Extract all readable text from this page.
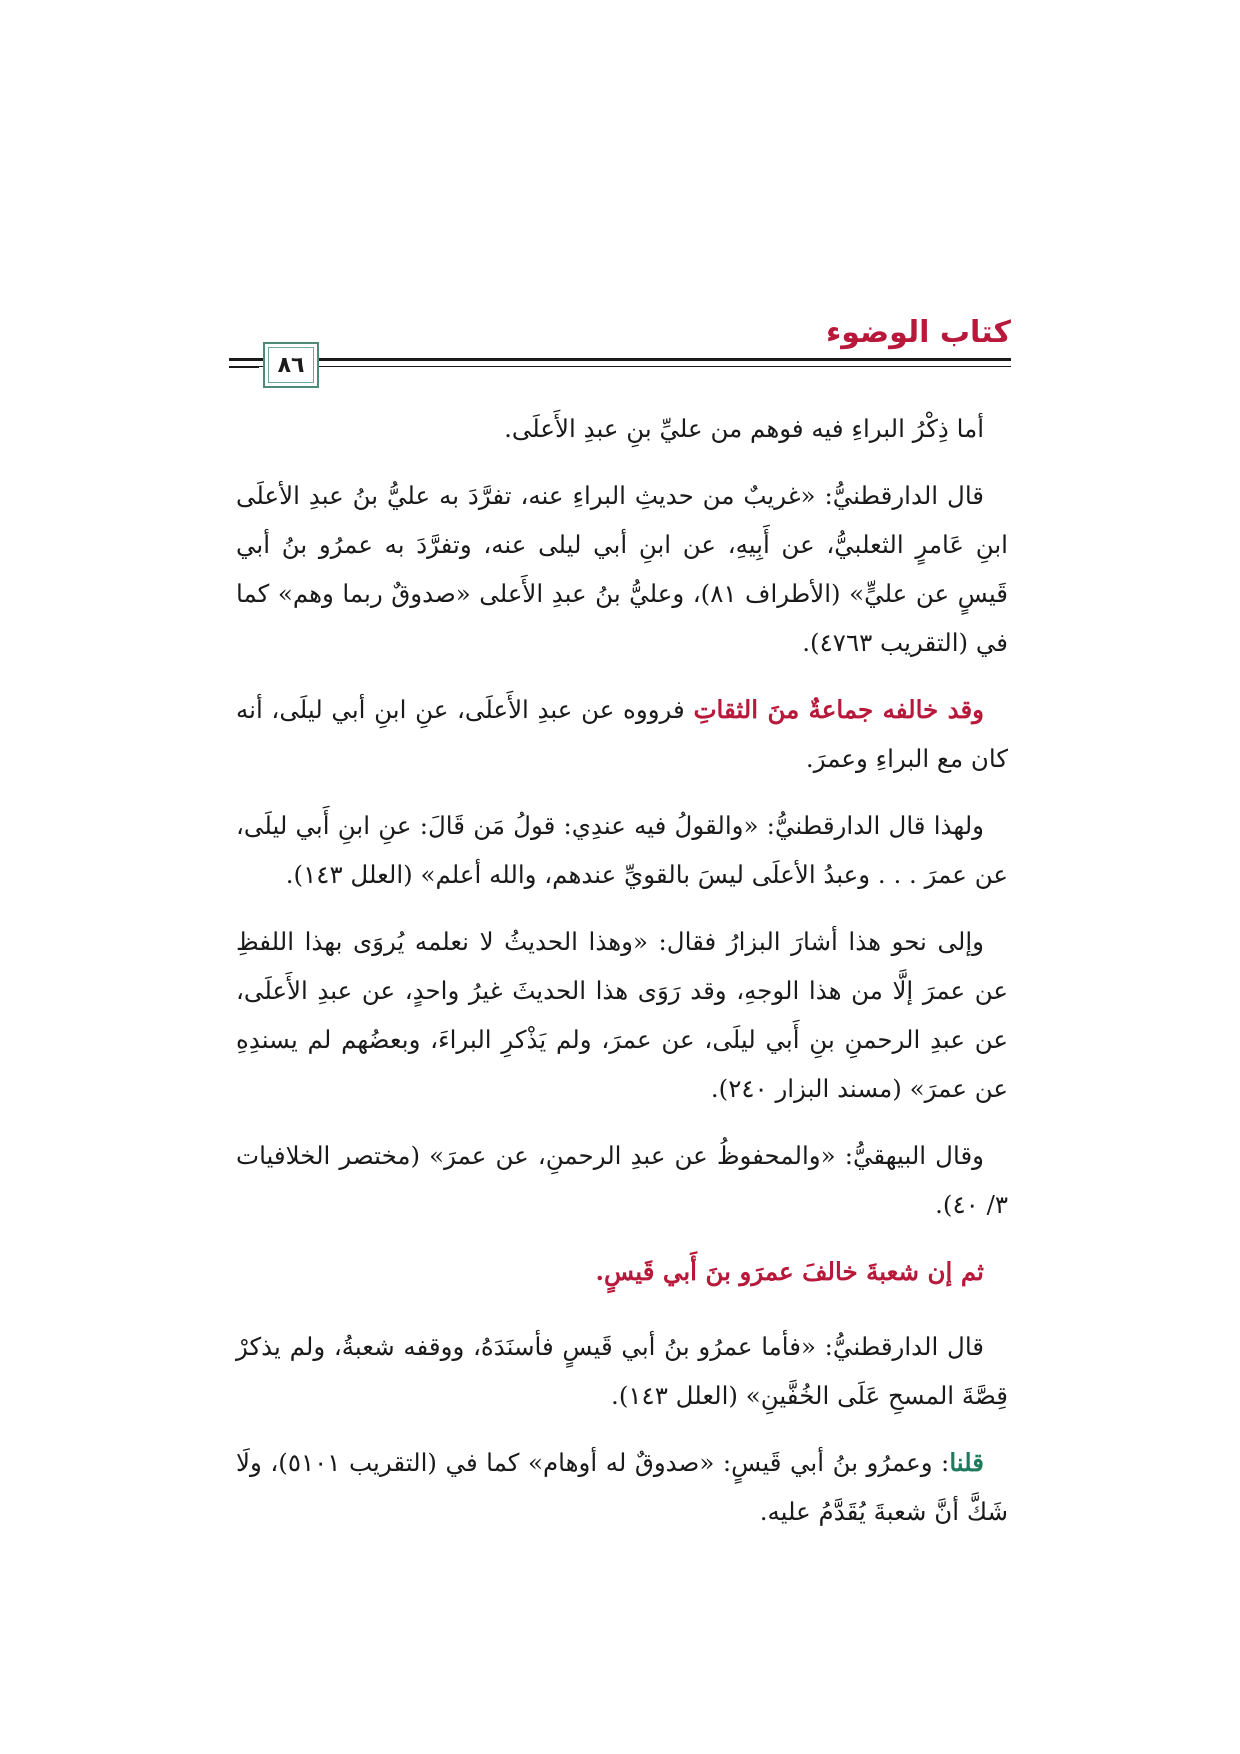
كتاب الوضوء
٨٦

أما ذِكْرُ البراءِ فيه فوهم من عليِّ بنِ عبدِ الأَعلَى.

قال الدارقطنيُّ: «غريبٌ من حديثِ البراءِ عنه، تفرَّدَ به عليُّ بنُ عبدِ الأعلَى ابنِ عَامرٍ الثعلبيُّ، عن أَبِيهِ، عن ابنِ أبي ليلى عنه، وتفرَّدَ به عمرُو بنُ أبي قَيسٍ عن عليٍّ» (الأطراف ٨١)، وعليُّ بنُ عبدِ الأَعلى «صدوقٌ ربما وهم» كما في (التقريب ٤٧٦٣).

وقد خالفه جماعةٌ منَ الثقاتِ فرووه عن عبدِ الأَعلَى، عنِ ابنِ أبي ليلَى، أنه كان مع البراءِ وعمرَ.

ولهذا قال الدارقطنيُّ: «والقولُ فيه عندِي: قولُ مَن قَالَ: عنِ ابنِ أَبي ليلَى، عن عمرَ . . . وعبدُ الأعلَى ليسَ بالقويِّ عندهم، والله أعلم» (العلل ١٤٣).

وإلى نحو هذا أشارَ البزارُ فقال: «وهذا الحديثُ لا نعلمه يُروَى بهذا اللفظِ عن عمرَ إلَّا من هذا الوجهِ، وقد رَوَى هذا الحديثَ غيرُ واحدٍ، عن عبدِ الأَعلَى، عن عبدِ الرحمنِ بنِ أَبي ليلَى، عن عمرَ، ولم يَذْكرِ البراءَ، وبعضُهم لم يسندِهِ عن عمرَ» (مسند البزار ٢٤٠).

وقال البيهقيُّ: «والمحفوظُ عن عبدِ الرحمنِ، عن عمرَ» (مختصر الخلافيات ٣/ ٤٠).

ثم إن شعبةَ خالفَ عمرَو بنَ أَبي قَيسٍ.

قال الدارقطنيُّ: «فأما عمرُو بنُ أبي قَيسٍ فأسنَدَهُ، ووقفه شعبةُ، ولم يذكرْ قِصَّةَ المسحِ عَلَى الخُفَّينِ» (العلل ١٤٣).

قلنا: وعمرُو بنُ أبي قَيسٍ: «صدوقٌ له أوهام» كما في (التقريب ٥١٠١)، ولَا شَكَّ أنَّ شعبةَ يُقَدَّمُ عليه.
